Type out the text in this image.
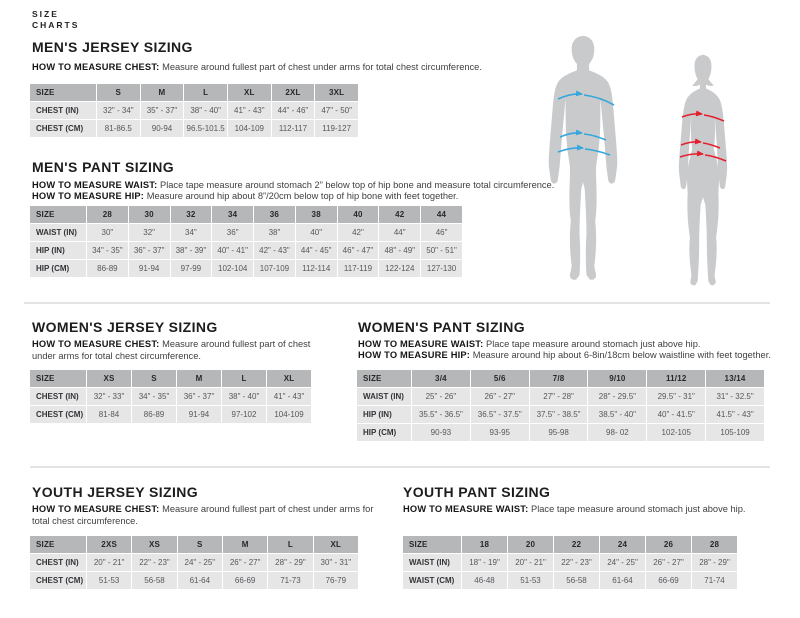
SIZE
CHARTS
MEN'S JERSEY SIZING

HOW TO MEASURE CHEST: Measure around fullest part of chest under arms for total chest circumference.

SIZE	S	M	L	XL	2XL	3XL
CHEST (IN)	32" - 34"	35" - 37"	38" - 40"	41" - 43"	44" - 46"	47" - 50"
CHEST (CM)	81-86.5	90-94	96.5-101.5	104-109	112-117	119-127
MEN'S PANT SIZING

HOW TO MEASURE WAIST: Place tape measure around stomach 2” below top of hip bone and measure total circumference.

HOW TO MEASURE HIP: Measure around hip about 8”/20cm below top of hip bone with feet together.

SIZE	28	30	32	34	36	38	40	42	44
WAIST (IN)	30"	32"	34"	36"	38"	40"	42"	44"	46"
HIP (IN)	34" - 35"	36" - 37"	38" - 39"	40" - 41"	42" - 43"	44" - 45"	46" - 47"	48" - 49"	50" - 51"
HIP (CM)	86-89	91-94	97-99	102-104	107-109	112-114	117-119	122-124	127-130
WOMEN'S JERSEY SIZING

HOW TO MEASURE CHEST: Measure around fullest part of chest under arms for total chest circumference.

SIZE	XS	S	M	L	XL
CHEST (IN)	32" - 33"	34" - 35"	36" - 37"	38" - 40"	41" - 43"
CHEST (CM)	81-84	86-89	91-94	97-102	104-109
WOMEN'S PANT SIZING

HOW TO MEASURE WAIST: Place tape measure around stomach just above hip.

HOW TO MEASURE HIP: Measure around hip about 6-8in/18cm below waistline with feet together.

SIZE	3/4	5/6	7/8	9/10	11/12	13/14
WAIST (IN)	25" - 26"	26" - 27"	27" - 28"	28" - 29.5"	29.5" - 31"	31" - 32.5"
HIP (IN)	35.5" - 36.5"	36.5" - 37.5"	37.5" - 38.5"	38.5" - 40"	40" - 41.5"	41.5" - 43"
HIP (CM)	90-93	93-95	95-98	98- 02	102-105	105-109
YOUTH JERSEY SIZING

HOW TO MEASURE CHEST: Measure around fullest part of chest under arms for total chest circumference.

SIZE	2XS	XS	S	M	L	XL
CHEST (IN)	20" - 21"	22" - 23"	24" - 25"	26" - 27"	28" - 29"	30" - 31"
CHEST (CM)	51-53	56-58	61-64	66-69	71-73	76-79
YOUTH PANT SIZING

HOW TO MEASURE WAIST: Place tape measure around stomach just above hip.

SIZE	18	20	22	24	26	28
WAIST (IN)	18" - 19"	20" - 21"	22" - 23"	24" - 25"	26" - 27"	28" - 29"
WAIST (CM)	46-48	51-53	56-58	61-64	66-69	71-74
